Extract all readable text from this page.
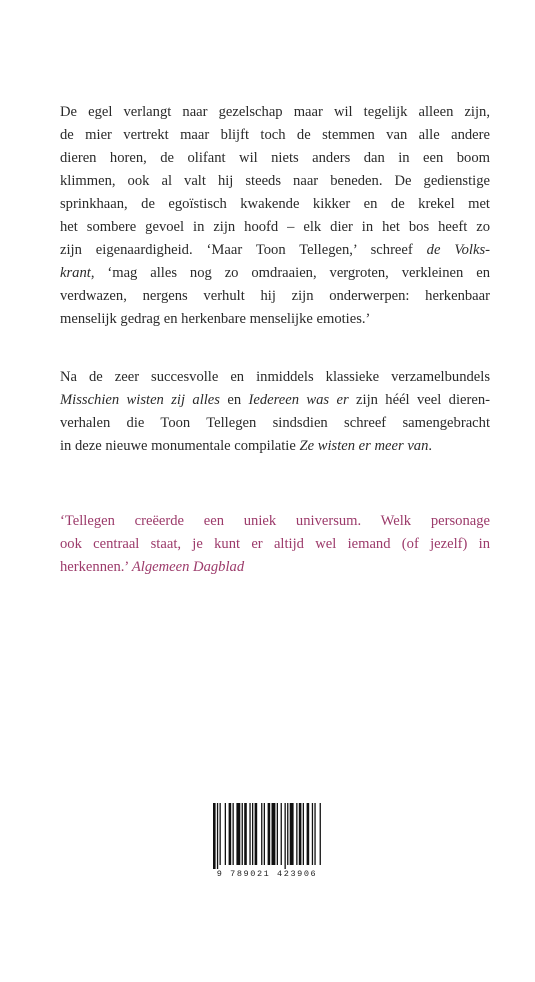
De egel verlangt naar gezelschap maar wil tegelijk alleen zijn,
de mier vertrekt maar blijft toch de stemmen van alle andere
dieren horen, de olifant wil niets anders dan in een boom
klimmen, ook al valt hij steeds naar beneden. De gedienstige
sprinkhaan, de egoïstisch kwakende kikker en de krekel met
het sombere gevoel in zijn hoofd – elk dier in het bos heeft zo
zijn eigenaardigheid. ‘Maar Toon Tellegen,’ schreef de Volks-
krant, ‘mag alles nog zo omdraaien, vergroten, verkleinen en
verdwazen, nergens verhult hij zijn onderwerpen: herkenbaar
menselijk gedrag en herkenbare menselijke emoties.’

Na de zeer succesvolle en inmiddels klassieke verzamelbundels
Misschien wisten zij alles en Iedereen was er zijn héél veel dieren-
verhalen die Toon Tellegen sindsdien schreef samengebracht
in deze nieuwe monumentale compilatie Ze wisten er meer van.

‘Tellegen creëerde een uniek universum. Welk personage
ook centraal staat, je kunt er altijd wel iemand (of jezelf) in
herkennen.’ Algemeen Dagblad

9 789021 423906
